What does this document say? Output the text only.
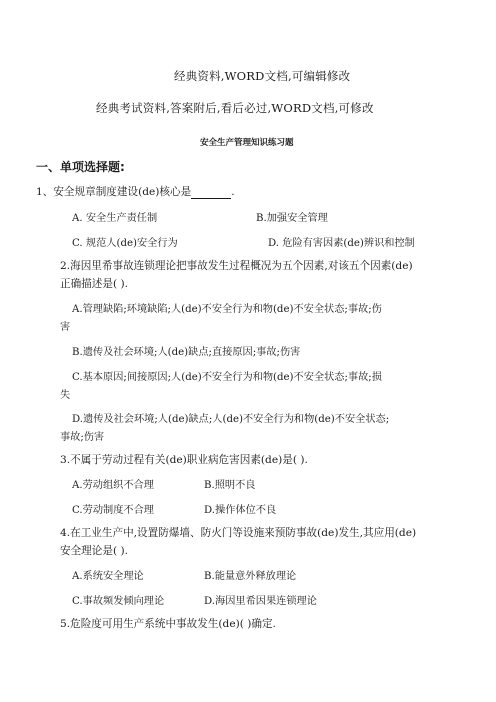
经典资料,WORD文档,可编辑修改
经典考试资料,答案附后,看后必过,WORD文档,可修改
安全生产管理知识练习题
一、单项选择题:
1、安全规章制度建设(de)核心是	.
A. 安全生产责任制	B.加强安全管理
C. 规范人(de)安全行为	D. 危险有害因素(de)辨识和控制
2.海因里希事故连锁理论把事故发生过程概况为五个因素,对该五个因素(de)
正确描述是( ).
A.管理缺陷;环境缺陷;人(de)不安全行为和物(de)不安全状态;事故;伤
害
B.遗传及社会环境;人(de)缺点;直接原因;事故;伤害
C.基本原因;间接原因;人(de)不安全行为和物(de)不安全状态;事故;损
失
D.遗传及社会环境;人(de)缺点;人(de)不安全行为和物(de)不安全状态;
事故;伤害
3.不属于劳动过程有关(de)职业病危害因素(de)是( ).
A.劳动组织不合理	B.照明不良
C.劳动制度不合理	D.操作体位不良
4.在工业生产中,设置防爆墙、防火门等设施来预防事故(de)发生,其应用(de)
安全理论是( ).
A.系统安全理论	B.能量意外释放理论
C.事故频发倾向理论	D.海因里希因果连锁理论
5.危险度可用生产系统中事故发生(de)( )确定.
